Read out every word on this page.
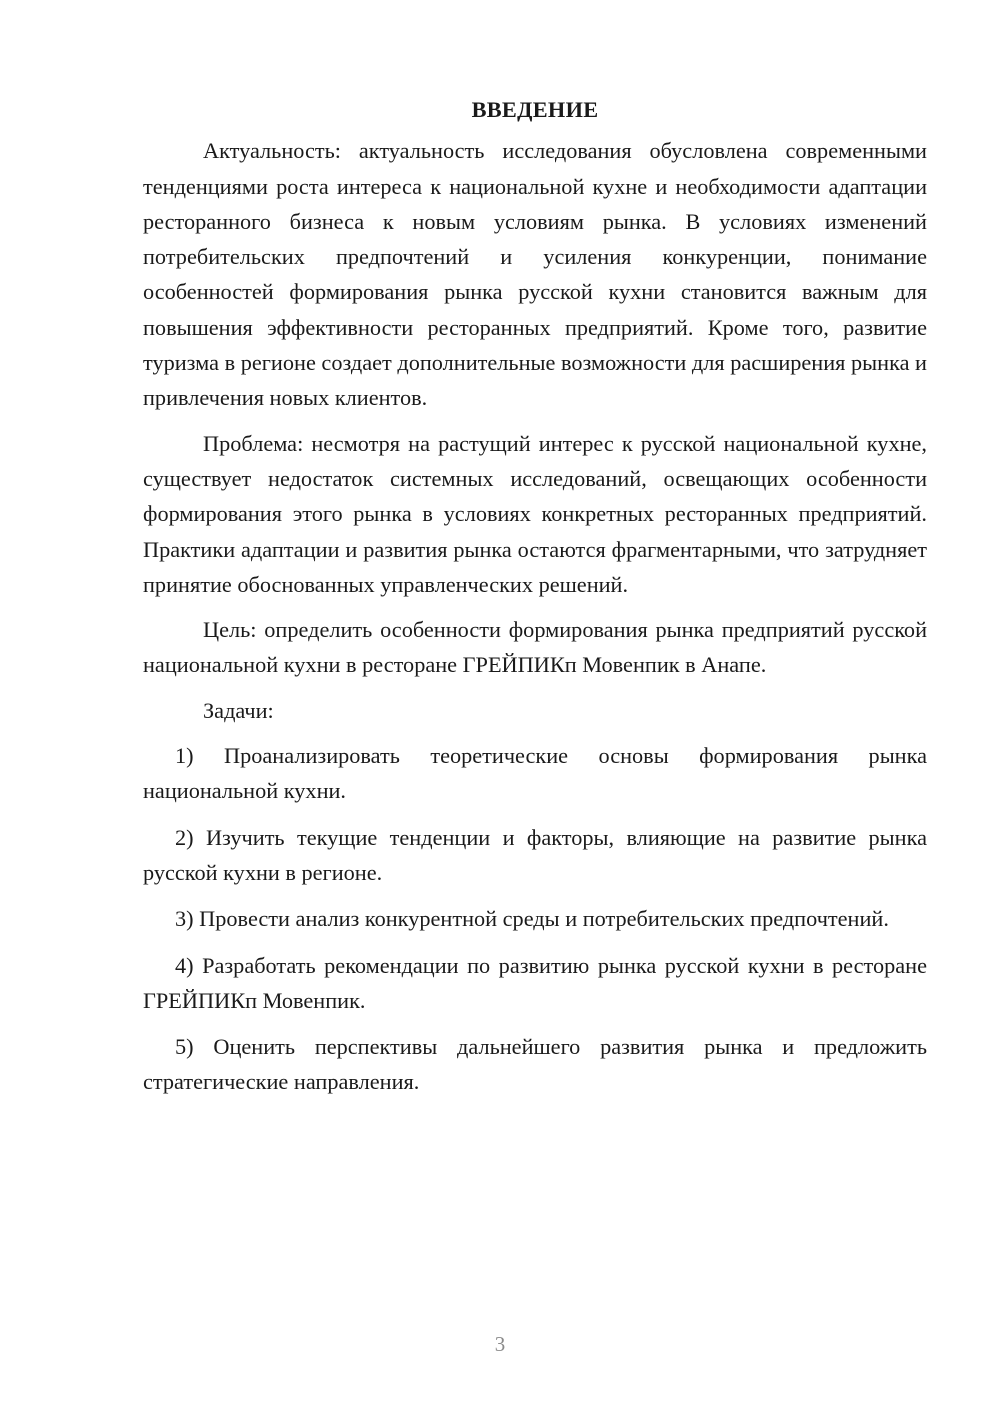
ВВЕДЕНИЕ

Актуальность: актуальность исследования обусловлена современными тенденциями роста интереса к национальной кухне и необходимости адаптации ресторанного бизнеса к новым условиям рынка. В условиях изменений потребительских предпочтений и усиления конкуренции, понимание особенностей формирования рынка русской кухни становится важным для повышения эффективности ресторанных предприятий. Кроме того, развитие туризма в регионе создает дополнительные возможности для расширения рынка и привлечения новых клиентов.

Проблема: несмотря на растущий интерес к русской национальной кухне, существует недостаток системных исследований, освещающих особенности формирования этого рынка в условиях конкретных ресторанных предприятий. Практики адаптации и развития рынка остаются фрагментарными, что затрудняет принятие обоснованных управленческих решений.

Цель: определить особенности формирования рынка предприятий русской национальной кухни в ресторане ГРЕЙПИКп Мовенпик в Анапе.

Задачи:

1) Проанализировать теоретические основы формирования рынка национальной кухни.
2) Изучить текущие тенденции и факторы, влияющие на развитие рынка русской кухни в регионе.
3) Провести анализ конкурентной среды и потребительских предпочтений.
4) Разработать рекомендации по развитию рынка русской кухни в ресторане ГРЕЙПИКп Мовенпик.
5) Оценить перспективы дальнейшего развития рынка и предложить стратегические направления.
3
